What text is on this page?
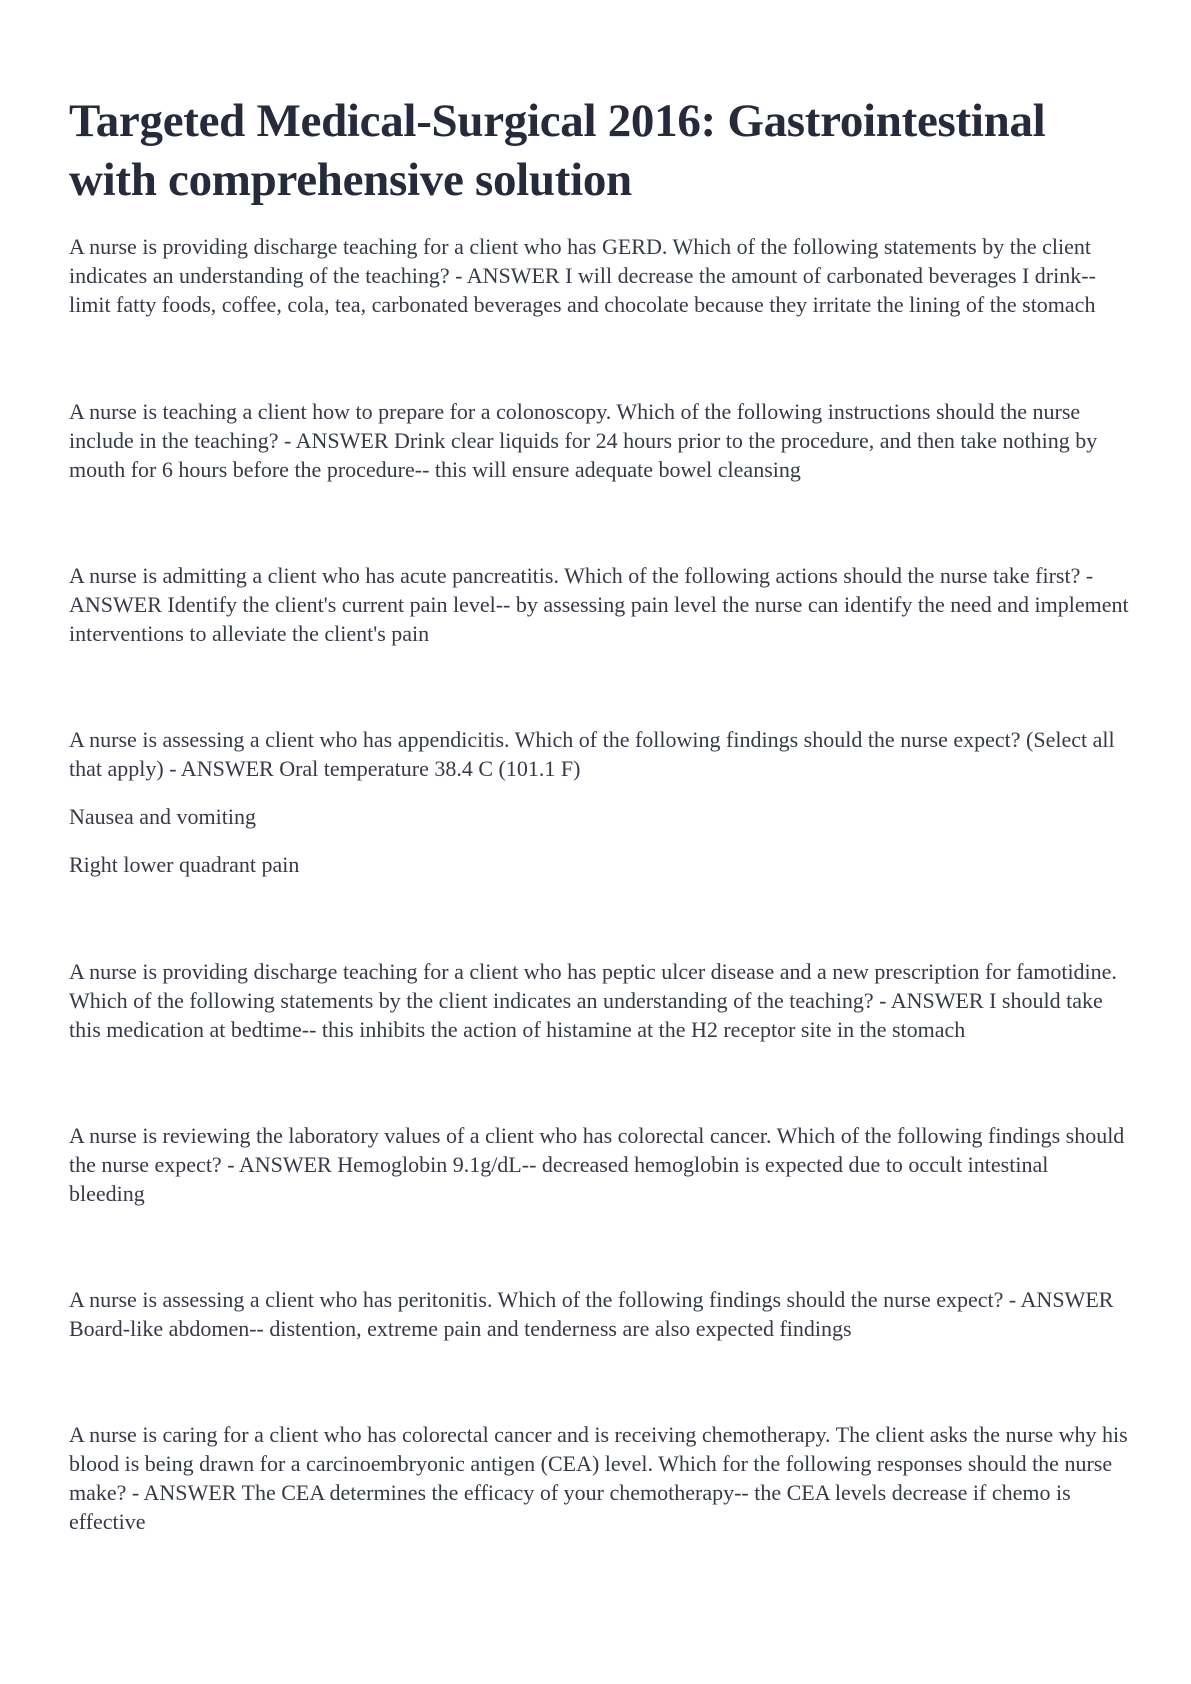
Targeted Medical-Surgical 2016: Gastrointestinal with comprehensive solution

A nurse is providing discharge teaching for a client who has GERD. Which of the following statements by the client indicates an understanding of the teaching? - ANSWER I will decrease the amount of carbonated beverages I drink-- limit fatty foods, coffee, cola, tea, carbonated beverages and chocolate because they irritate the lining of the stomach

A nurse is teaching a client how to prepare for a colonoscopy. Which of the following instructions should the nurse include in the teaching? - ANSWER Drink clear liquids for 24 hours prior to the procedure, and then take nothing by mouth for 6 hours before the procedure-- this will ensure adequate bowel cleansing

A nurse is admitting a client who has acute pancreatitis. Which of the following actions should the nurse take first? - ANSWER Identify the client's current pain level-- by assessing pain level the nurse can identify the need and implement interventions to alleviate the client's pain

A nurse is assessing a client who has appendicitis. Which of the following findings should the nurse expect? (Select all that apply) - ANSWER Oral temperature 38.4 C (101.1 F)

Nausea and vomiting

Right lower quadrant pain

A nurse is providing discharge teaching for a client who has peptic ulcer disease and a new prescription for famotidine. Which of the following statements by the client indicates an understanding of the teaching? - ANSWER I should take this medication at bedtime-- this inhibits the action of histamine at the H2 receptor site in the stomach

A nurse is reviewing the laboratory values of a client who has colorectal cancer. Which of the following findings should the nurse expect? - ANSWER Hemoglobin 9.1g/dL-- decreased hemoglobin is expected due to occult intestinal bleeding

A nurse is assessing a client who has peritonitis. Which of the following findings should the nurse expect? - ANSWER Board-like abdomen-- distention, extreme pain and tenderness are also expected findings

A nurse is caring for a client who has colorectal cancer and is receiving chemotherapy. The client asks the nurse why his blood is being drawn for a carcinoembryonic antigen (CEA) level. Which for the following responses should the nurse make? - ANSWER The CEA determines the efficacy of your chemotherapy-- the CEA levels decrease if chemo is effective
